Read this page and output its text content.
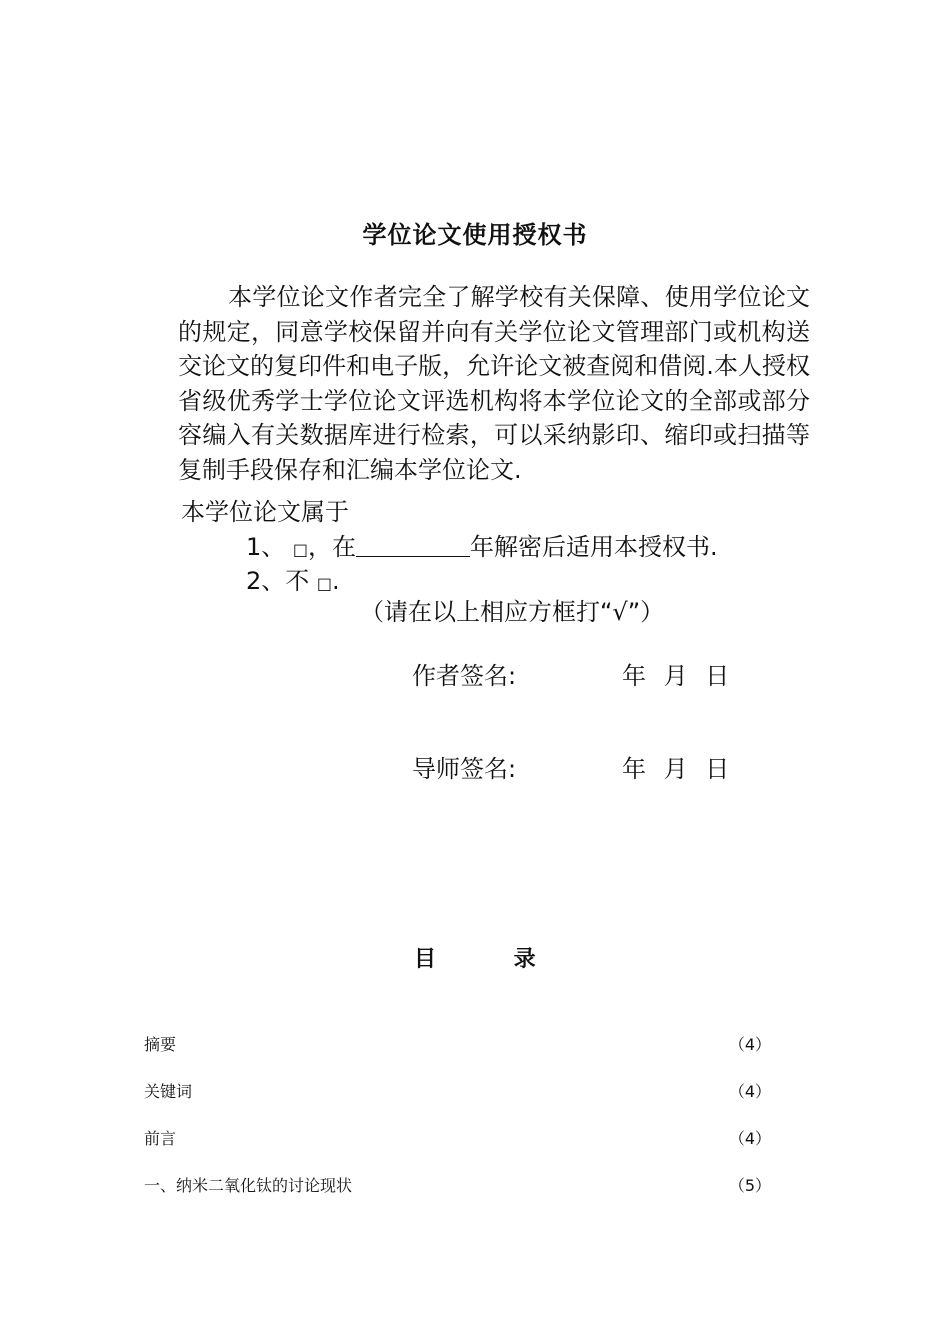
学位论文使用授权书

本学位论文作者完全了解学校有关保障、使用学位论文的规定，同意学校保留并向有关学位论文管理部门或机构送交论文的复印件和电子版，允许论文被查阅和借阅.本人授权省级优秀学士学位论文评选机构将本学位论文的全部或部分容编入有关数据库进行检索，可以采纳影印、缩印或扫描等复制手段保存和汇编本学位论文.

本学位论文属于
1、 □，在	年解密后适用本授权书.
2、不 □.
（请在以上相应方框打“√”）
作者签名:	年 月 日
导师签名:	年 月 日
目 录
摘要	（4）
关键词	（4）
前言	（4）
一、纳米二氧化钛的讨论现状	（5）
